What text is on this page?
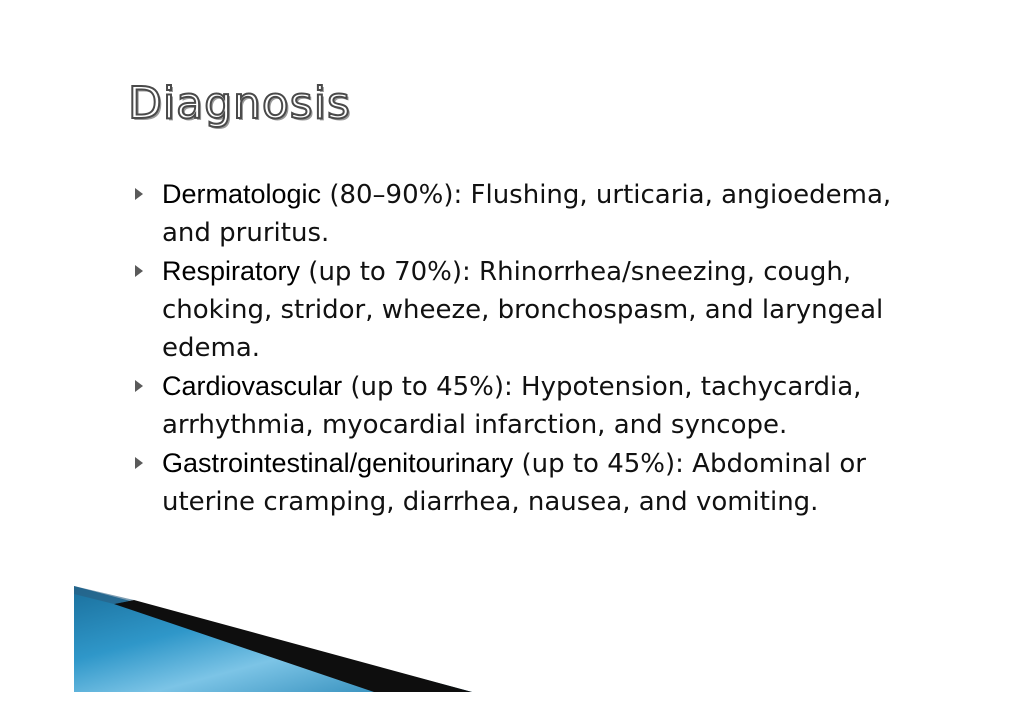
Diagnosis
Dermatologic (80–90%): Flushing, urticaria, angioedema, and pruritus.
Respiratory (up to 70%): Rhinorrhea/sneezing, cough, choking, stridor, wheeze, bronchospasm, and laryngeal edema.
Cardiovascular (up to 45%): Hypotension, tachycardia, arrhythmia, myocardial infarction, and syncope.
Gastrointestinal/genitourinary (up to 45%): Abdominal or uterine cramping, diarrhea, nausea, and vomiting.
